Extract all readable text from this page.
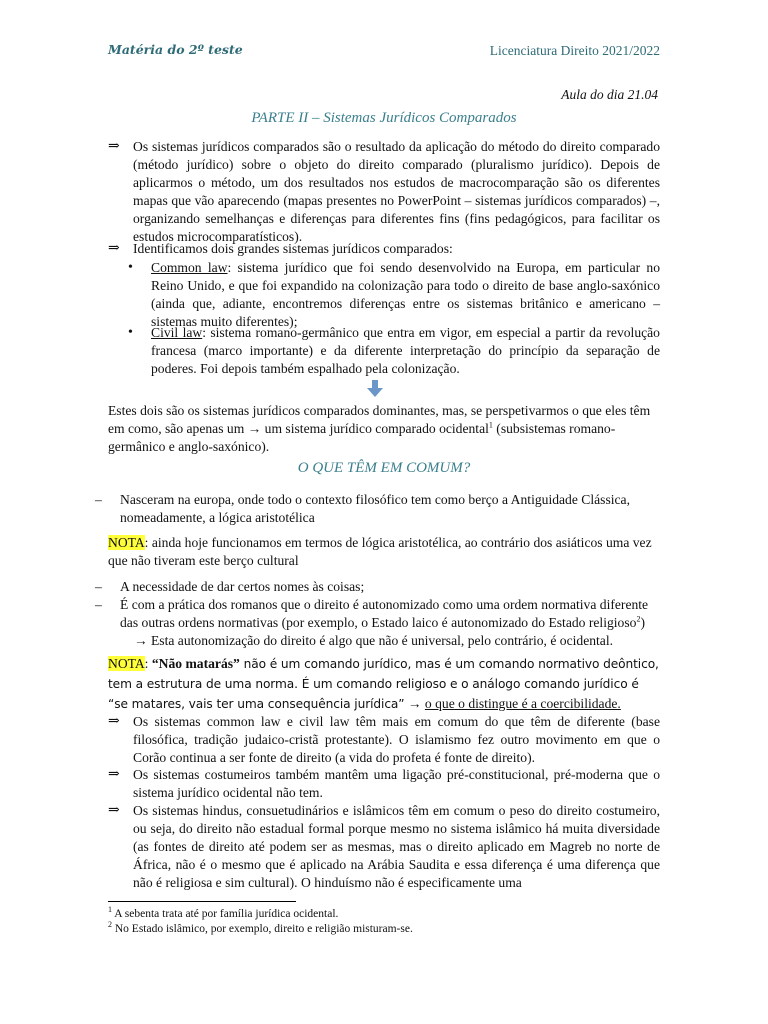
Matéria do 2º teste	Licenciatura Direito 2021/2022
Aula do dia 21.04
PARTE II – Sistemas Jurídicos Comparados
⇒ Os sistemas jurídicos comparados são o resultado da aplicação do método do direito comparado (método jurídico) sobre o objeto do direito comparado (pluralismo jurídico). Depois de aplicarmos o método, um dos resultados nos estudos de macrocomparação são os diferentes mapas que vão aparecendo (mapas presentes no PowerPoint – sistemas jurídicos comparados) –, organizando semelhanças e diferenças para diferentes fins (fins pedagógicos, para facilitar os estudos microcomparatísticos).
⇒ Identificamos dois grandes sistemas jurídicos comparados:
• Common law: sistema jurídico que foi sendo desenvolvido na Europa, em particular no Reino Unido, e que foi expandido na colonização para todo o direito de base anglo-saxónico (ainda que, adiante, encontremos diferenças entre os sistemas britânico e americano – sistemas muito diferentes);
• Civil law: sistema romano-germânico que entra em vigor, em especial a partir da revolução francesa (marco importante) e da diferente interpretação do princípio da separação de poderes. Foi depois também espalhado pela colonização.
Estes dois são os sistemas jurídicos comparados dominantes, mas, se perspetivarmos o que eles têm em como, são apenas um → um sistema jurídico comparado ocidental$^1$ (subsistemas romano-germânico e anglo-saxónico).
O QUE TÊM EM COMUM?
– Nasceram na europa, onde todo o contexto filosófico tem como berço a Antiguidade Clássica, nomeadamente, a lógica aristotélica
NOTA: ainda hoje funcionamos em termos de lógica aristotélica, ao contrário dos asiáticos uma vez que não tiveram este berço cultural
– A necessidade de dar certos nomes às coisas;
– É com a prática dos romanos que o direito é autonomizado como uma ordem normativa diferente das outras ordens normativas (por exemplo, o Estado laico é autonomizado do Estado religioso$^2$)
→ Esta autonomização do direito é algo que não é universal, pelo contrário, é ocidental.
NOTA: “Não matarás” não é um comando jurídico, mas é um comando normativo deôntico, tem a estrutura de uma norma. É um comando religioso e o análogo comando jurídico é “se matares, vais ter uma consequência jurídica” → o que o distingue é a coercibilidade.
⇒ Os sistemas common law e civil law têm mais em comum do que têm de diferente (base filosófica, tradição judaico-cristã protestante). O islamismo fez outro movimento em que o Corão continua a ser fonte de direito (a vida do profeta é fonte de direito).
⇒ Os sistemas costumeiros também mantêm uma ligação pré-constitucional, pré-moderna que o sistema jurídico ocidental não tem.
⇒ Os sistemas hindus, consuetudinários e islâmicos têm em comum o peso do direito costumeiro, ou seja, do direito não estadual formal porque mesmo no sistema islâmico há muita diversidade (as fontes de direito até podem ser as mesmas, mas o direito aplicado em Magreb no norte de África, não é o mesmo que é aplicado na Arábia Saudita e essa diferença é uma diferença que não é religiosa e sim cultural). O hinduísmo não é especificamente uma
$^1$ A sebenta trata até por família jurídica ocidental.
$^2$ No Estado islâmico, por exemplo, direito e religião misturam-se.
